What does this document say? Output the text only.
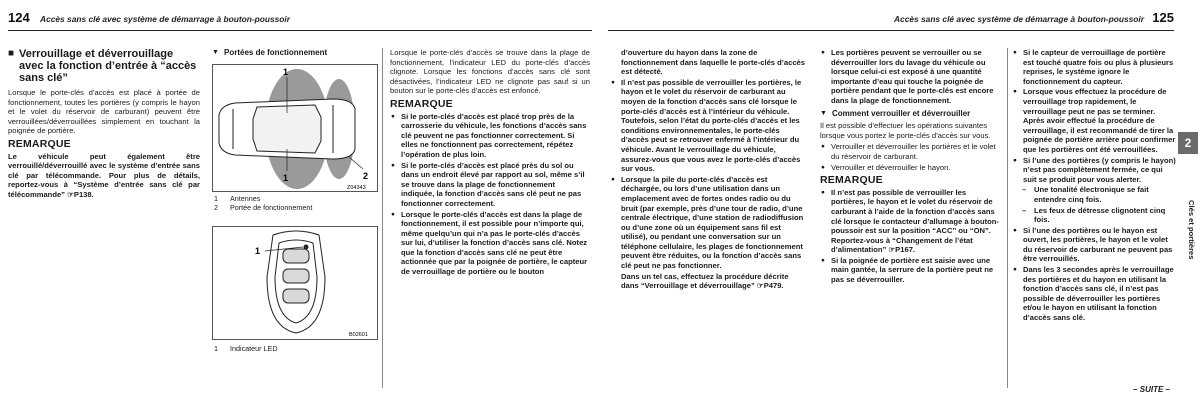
124 Accès sans clé avec système de démarrage à bouton-poussoir
■ Verrouillage et déverrouillage avec la fonction d’entrée à “accès sans clé”
Lorsque le porte-clés d’accès est placé à portée de fonctionnement, toutes les portières (y compris le hayon et le volet du réservoir de carburant) peuvent être verrouillées/déverrouillées simplement en touchant la poignée de portière.
REMARQUE
Le véhicule peut également être verrouillé/déverrouillé avec le système d’entrée sans clé par télécommande. Pour plus de détails, reportez-vous à “Système d’entrée sans clé par télécommande” ☞P138.
▼ Portées de fonctionnement
1
1	2
Z04343
1 Antennes
2 Portée de fonctionnement
1
B02601
1 Indicateur LED
Lorsque le porte-clés d’accès se trouve dans la plage de fonctionnement, l’indicateur LED du porte-clés d’accès clignote. Lorsque les fonctions d’accès sans clé sont désactivées, l’indicateur LED ne clignote pas sauf si un bouton sur le porte-clés d’accès est enfoncé.
REMARQUE
● Si le porte-clés d’accès est placé trop près de la carrosserie du véhicule, les fonctions d’accès sans clé peuvent ne pas fonctionner correctement. Si elles ne fonctionnent pas correctement, répétez l’opération de plus loin.
● Si le porte-clés d’accès est placé près du sol ou dans un endroit élevé par rapport au sol, même s’il se trouve dans la plage de fonctionnement indiquée, la fonction d’accès sans clé peut ne pas fonctionner correctement.
● Lorsque le porte-clés d’accès est dans la plage de fonctionnement, il est possible pour n’importe qui, même quelqu’un qui n’a pas le porte-clés d’accès sur lui, d’utiliser la fonction d’accès sans clé. Notez que la fonction d’accès sans clé ne peut être actionnée que par la poignée de portière, le capteur de verrouillage de portière ou le bouton
Accès sans clé avec système de démarrage à bouton-poussoir 125
d’ouverture du hayon dans la zone de fonctionnement dans laquelle le porte-clés d’accès est détecté.
● Il n’est pas possible de verrouiller les portières, le hayon et le volet du réservoir de carburant au moyen de la fonction d’accès sans clé lorsque le porte-clés d’accès est à l’intérieur du véhicule. Toutefois, selon l’état du porte-clés d’accès et les conditions environnementales, le porte-clés d’accès peut se retrouver enfermé à l’intérieur du véhicule. Avant le verrouillage du véhicule, assurez-vous que vous avez le porte-clés d’accès sur vous.
● Lorsque la pile du porte-clés d’accès est déchargée, ou lors d’une utilisation dans un emplacement avec de fortes ondes radio ou du bruit (par exemple, près d’une tour de radio, d’une centrale électrique, d’une station de radiodiffusion ou d’une zone où un équipement sans fil est utilisé), ou pendant une conversation sur un téléphone cellulaire, les plages de fonctionnement peuvent être réduites, ou la fonction d’accès sans clé peut ne pas fonctionner.
Dans un tel cas, effectuez la procédure décrite dans “Verrouillage et déverrouillage” ☞P479.
● Les portières peuvent se verrouiller ou se déverrouiller lors du lavage du véhicule ou lorsque celui-ci est exposé à une quantité importante d’eau qui touche la poignée de portière pendant que le porte-clés est encore dans la plage de fonctionnement.
▼ Comment verrouiller et déverrouiller
Il est possible d’effectuer les opérations suivantes lorsque vous portez le porte-clés d’accès sur vous.
● Verrouiller et déverrouiller les portières et le volet du réservoir de carburant.
● Verrouiller et déverrouiller le hayon.
REMARQUE
● Il n’est pas possible de verrouiller les portières, le hayon et le volet du réservoir de carburant à l’aide de la fonction d’accès sans clé lorsque le contacteur d’allumage à bouton-poussoir est sur la position “ACC” ou “ON”. Reportez-vous à “Changement de l’état d’alimentation” ☞P167.
● Si la poignée de portière est saisie avec une main gantée, la serrure de la portière peut ne pas se déverrouiller.
● Si le capteur de verrouillage de portière est touché quatre fois ou plus à plusieurs reprises, le système ignore le fonctionnement du capteur.
● Lorsque vous effectuez la procédure de verrouillage trop rapidement, le verrouillage peut ne pas se terminer. Après avoir effectué la procédure de verrouillage, il est recommandé de tirer la poignée de portière arrière pour confirmer que les portières ont été verrouillées.
● Si l’une des portières (y compris le hayon) n’est pas complètement fermée, ce qui suit se produit pour vous alerter.
– Une tonalité électronique se fait entendre cinq fois.
– Les feux de détresse clignotent cinq fois.
● Si l’une des portières ou le hayon est ouvert, les portières, le hayon et le volet du réservoir de carburant ne peuvent pas être verrouillés.
● Dans les 3 secondes après le verrouillage des portières et du hayon en utilisant la fonction d’accès sans clé, il n’est pas possible de déverrouiller les portières et/ou le hayon en utilisant la fonction d’accès sans clé.
2
Clés et portières
– SUITE –
